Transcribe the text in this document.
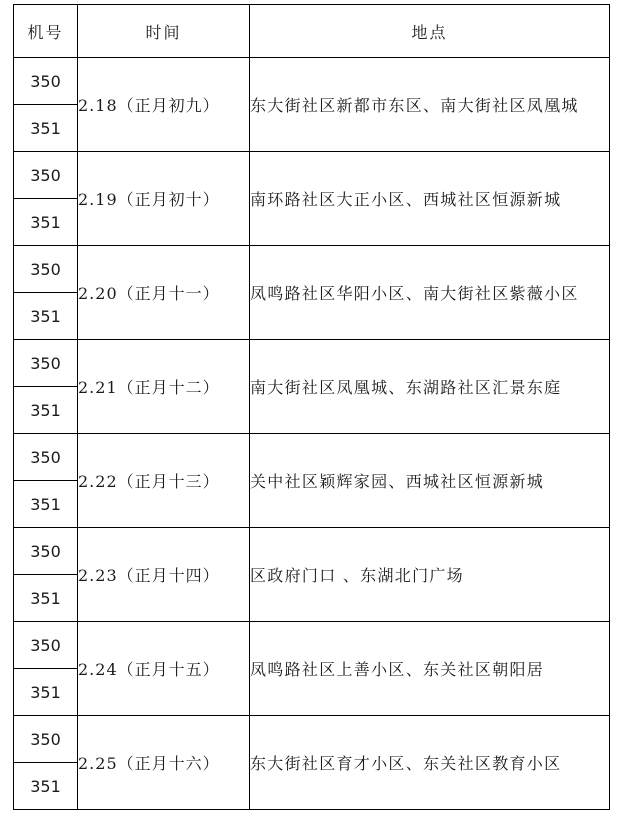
机号	时间	地点
350	2.18（正月初九）	东大街社区新都市东区、南大街社区凤凰城
351		
350	2.19（正月初十）	南环路社区大正小区、西城社区恒源新城
351		
350	2.20（正月十一）	凤鸣路社区华阳小区、南大街社区紫薇小区
351		
350	2.21（正月十二）	南大街社区凤凰城、东湖路社区汇景东庭
351		
350	2.22（正月十三）	关中社区颖辉家园、西城社区恒源新城
351		
350	2.23（正月十四）	区政府门口 、东湖北门广场
351		
350	2.24（正月十五）	凤鸣路社区上善小区、东关社区朝阳居
351		
350	2.25（正月十六）	东大街社区育才小区、东关社区教育小区
351		
